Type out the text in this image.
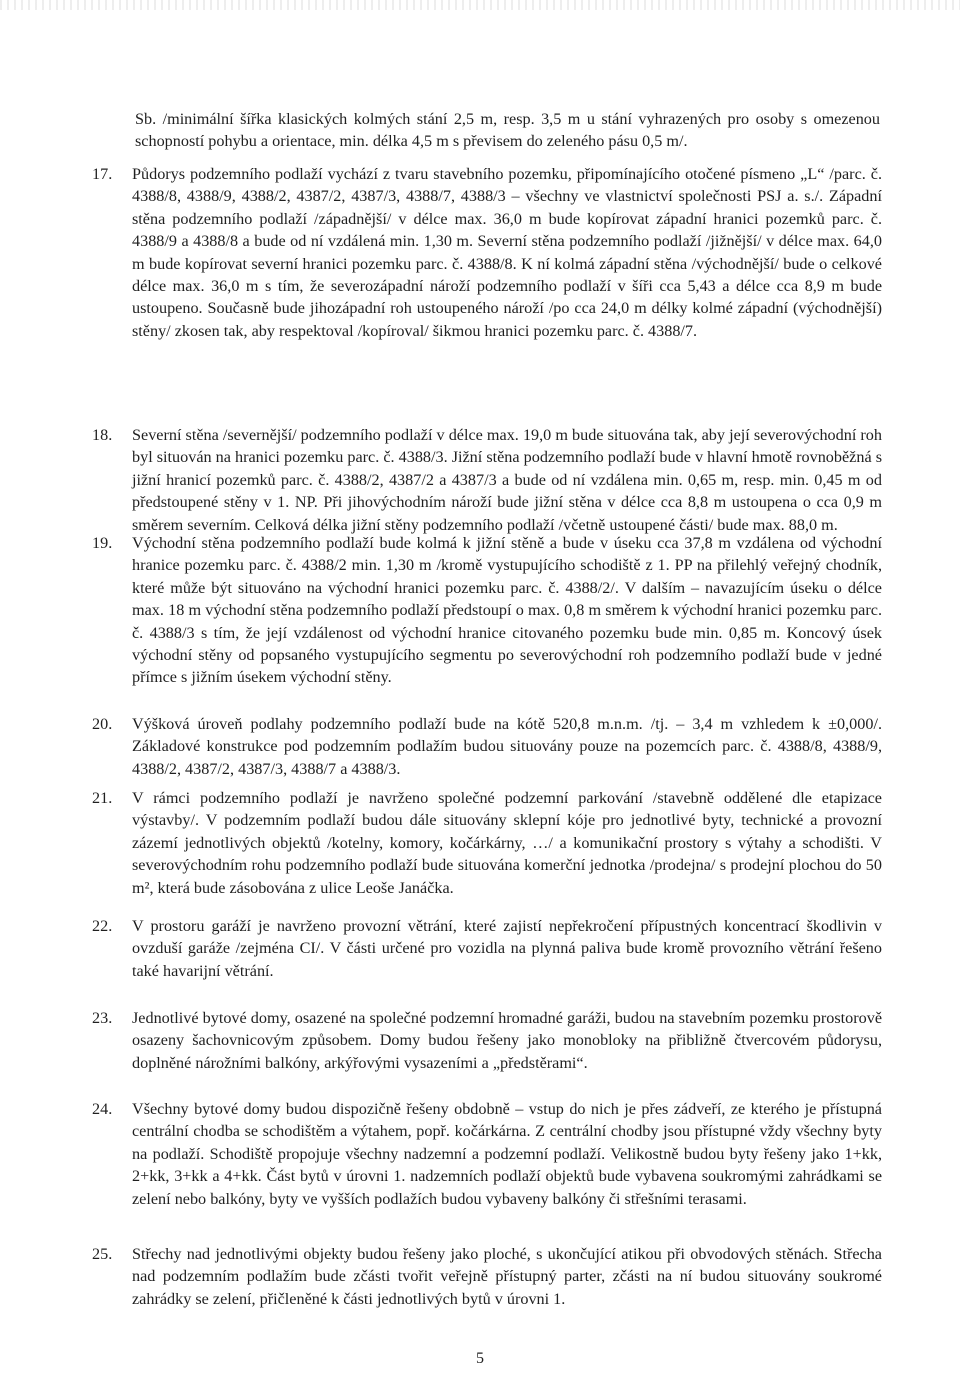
Sb. /minimální šířka klasických kolmých stání 2,5 m, resp. 3,5 m u stání vyhrazených pro osoby s omezenou schopností pohybu a orientace, min. délka 4,5 m s převisem do zeleného pásu 0,5 m/.
17.	Půdorys podzemního podlaží vychází z tvaru stavebního pozemku, připomínajícího otočené písmeno „L“ /parc. č. 4388/8, 4388/9, 4388/2, 4387/2, 4387/3, 4388/7, 4388/3 – všechny ve vlastnictví společnosti PSJ a. s./. Západní stěna podzemního podlaží /západnější/ v délce max. 36,0 m bude kopírovat západní hranici pozemků parc. č. 4388/9 a 4388/8 a bude od ní vzdálená min. 1,30 m. Severní stěna podzemního podlaží /jižnější/ v délce max. 64,0 m bude kopírovat severní hranici pozemku parc. č. 4388/8. K ní kolmá západní stěna /východnější/ bude o celkové délce max. 36,0 m s tím, že severozápadní nároží podzemního podlaží v šíři cca 5,43 a délce cca 8,9 m bude ustoupeno. Současně bude jihozápadní roh ustoupeného nároží /po cca 24,0 m délky kolmé západní (východnější) stěny/ zkosen tak, aby respektoval /kopíroval/ šikmou hranici pozemku parc. č. 4388/7.
18.	Severní stěna /severnější/ podzemního podlaží v délce max. 19,0 m bude situována tak, aby její severovýchodní roh byl situován na hranici pozemku parc. č. 4388/3. Jižní stěna podzemního podlaží bude v hlavní hmotě rovnoběžná s jižní hranicí pozemků parc. č. 4388/2, 4387/2 a 4387/3 a bude od ní vzdálena min. 0,65 m, resp. min. 0,45 m od předstoupené stěny v 1. NP. Při jihovýchodním nároží bude jižní stěna v délce cca 8,8 m ustoupena o cca 0,9 m směrem severním. Celková délka jižní stěny podzemního podlaží /včetně ustoupené části/ bude max. 88,0 m.
19.	Východní stěna podzemního podlaží bude kolmá k jižní stěně a bude v úseku cca 37,8 m vzdálena od východní hranice pozemku parc. č. 4388/2 min. 1,30 m /kromě vystupujícího schodiště z 1. PP na přilehlý veřejný chodník, které může být situováno na východní hranici pozemku parc. č. 4388/2/. V dalším – navazujícím úseku o délce max. 18 m východní stěna podzemního podlaží předstoupí o max. 0,8 m směrem k východní hranici pozemku parc. č. 4388/3 s tím, že její vzdálenost od východní hranice citovaného pozemku bude min. 0,85 m. Koncový úsek východní stěny od popsaného vystupujícího segmentu po severovýchodní roh podzemního podlaží bude v jedné přímce s jižním úsekem východní stěny.
20.	Výšková úroveň podlahy podzemního podlaží bude na kótě 520,8 m.n.m. /tj. – 3,4 m vzhledem k ±0,000/. Základové konstrukce pod podzemním podlažím budou situovány pouze na pozemcích parc. č. 4388/8, 4388/9, 4388/2, 4387/2, 4387/3, 4388/7 a 4388/3.
21.	V rámci podzemního podlaží je navrženo společné podzemní parkování /stavebně oddělené dle etapizace výstavby/. V podzemním podlaží budou dále situovány sklepní kóje pro jednotlivé byty, technické a provozní zázemí jednotlivých objektů /kotelny, komory, kočárkárny, …/ a komunikační prostory s výtahy a schodišti. V severovýchodním rohu podzemního podlaží bude situována komerční jednotka /prodejna/ s prodejní plochou do 50 m², která bude zásobována z ulice Leoše Janáčka.
22.	V prostoru garáží je navrženo provozní větrání, které zajistí nepřekročení přípustných koncentrací škodlivin v ovzduší garáže /zejména CI/. V části určené pro vozidla na plynná paliva bude kromě provozního větrání řešeno také havarijní větrání.
23.	Jednotlivé bytové domy, osazené na společné podzemní hromadné garáži, budou na stavebním pozemku prostorově osazeny šachovnicovým způsobem. Domy budou řešeny jako monobloky na přibližně čtvercovém půdorysu, doplněné nárožními balkóny, arkýřovými vysazeními a „předstěrami“.
24.	Všechny bytové domy budou dispozičně řešeny obdobně – vstup do nich je přes zádveří, ze kterého je přístupná centrální chodba se schodištěm a výtahem, popř. kočárkárna. Z centrální chodby jsou přístupné vždy všechny byty na podlaží. Schodiště propojuje všechny nadzemní a podzemní podlaží. Velikostně budou byty řešeny jako 1+kk, 2+kk, 3+kk a 4+kk. Část bytů v úrovni 1. nadzemních podlaží objektů bude vybavena soukromými zahrádkami se zelení nebo balkóny, byty ve vyšších podlažích budou vybaveny balkóny či střešními terasami.
25.	Střechy nad jednotlivými objekty budou řešeny jako ploché, s ukončující atikou při obvodových stěnách. Střecha nad podzemním podlažím bude zčásti tvořit veřejně přístupný parter, zčásti na ní budou situovány soukromé zahrádky se zelení, přičleněné k části jednotlivých bytů v úrovni 1.
5
